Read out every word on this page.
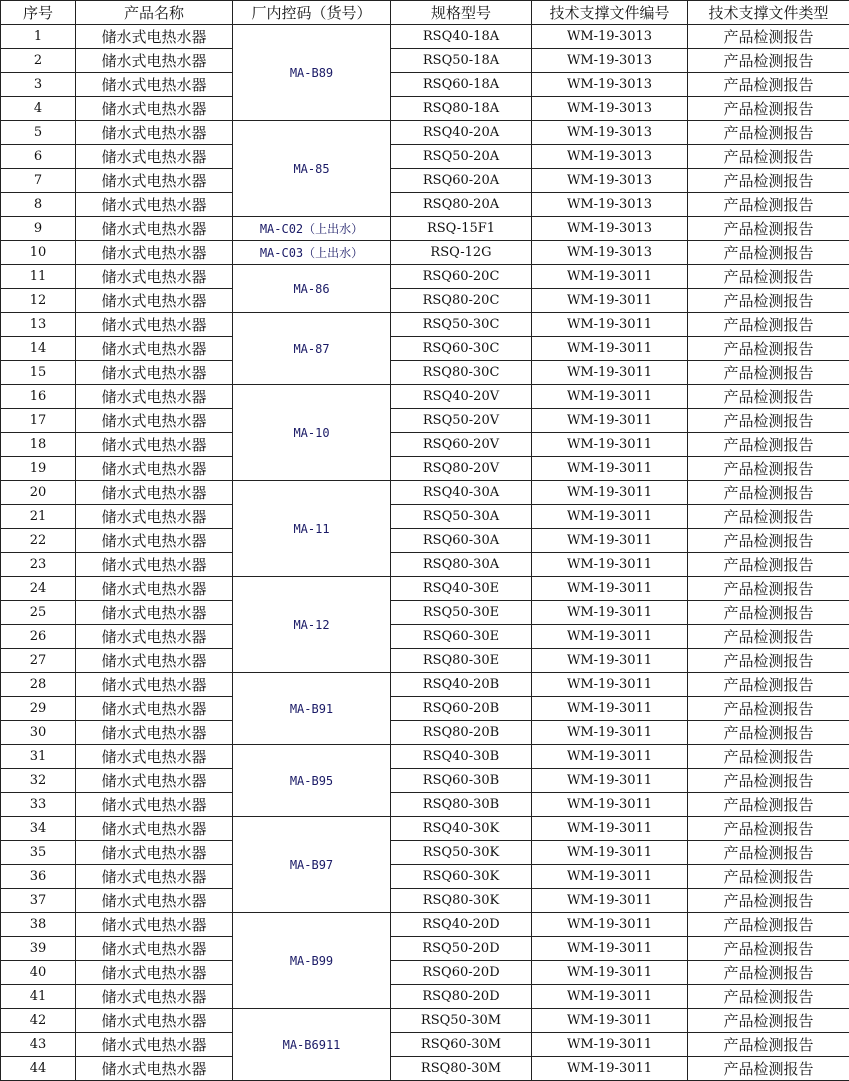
序号	产品名称	厂内控码（货号）	规格型号	技术支撑文件编号	技术支撑文件类型
1	储水式电热水器	MA-B89	RSQ40-18A	WM-19-3013	产品检测报告
2	储水式电热水器		RSQ50-18A	WM-19-3013	产品检测报告
3	储水式电热水器		RSQ60-18A	WM-19-3013	产品检测报告
4	储水式电热水器		RSQ80-18A	WM-19-3013	产品检测报告
5	储水式电热水器	MA-85	RSQ40-20A	WM-19-3013	产品检测报告
6	储水式电热水器		RSQ50-20A	WM-19-3013	产品检测报告
7	储水式电热水器		RSQ60-20A	WM-19-3013	产品检测报告
8	储水式电热水器		RSQ80-20A	WM-19-3013	产品检测报告
9	储水式电热水器	MA-C02（上出水）	RSQ-15F1	WM-19-3013	产品检测报告
10	储水式电热水器	MA-C03（上出水）	RSQ-12G	WM-19-3013	产品检测报告
11	储水式电热水器	MA-86	RSQ60-20C	WM-19-3011	产品检测报告
12	储水式电热水器		RSQ80-20C	WM-19-3011	产品检测报告
13	储水式电热水器	MA-87	RSQ50-30C	WM-19-3011	产品检测报告
14	储水式电热水器		RSQ60-30C	WM-19-3011	产品检测报告
15	储水式电热水器		RSQ80-30C	WM-19-3011	产品检测报告
16	储水式电热水器	MA-10	RSQ40-20V	WM-19-3011	产品检测报告
17	储水式电热水器		RSQ50-20V	WM-19-3011	产品检测报告
18	储水式电热水器		RSQ60-20V	WM-19-3011	产品检测报告
19	储水式电热水器		RSQ80-20V	WM-19-3011	产品检测报告
20	储水式电热水器	MA-11	RSQ40-30A	WM-19-3011	产品检测报告
21	储水式电热水器		RSQ50-30A	WM-19-3011	产品检测报告
22	储水式电热水器		RSQ60-30A	WM-19-3011	产品检测报告
23	储水式电热水器		RSQ80-30A	WM-19-3011	产品检测报告
24	储水式电热水器	MA-12	RSQ40-30E	WM-19-3011	产品检测报告
25	储水式电热水器		RSQ50-30E	WM-19-3011	产品检测报告
26	储水式电热水器		RSQ60-30E	WM-19-3011	产品检测报告
27	储水式电热水器		RSQ80-30E	WM-19-3011	产品检测报告
28	储水式电热水器	MA-B91	RSQ40-20B	WM-19-3011	产品检测报告
29	储水式电热水器		RSQ60-20B	WM-19-3011	产品检测报告
30	储水式电热水器		RSQ80-20B	WM-19-3011	产品检测报告
31	储水式电热水器	MA-B95	RSQ40-30B	WM-19-3011	产品检测报告
32	储水式电热水器		RSQ60-30B	WM-19-3011	产品检测报告
33	储水式电热水器		RSQ80-30B	WM-19-3011	产品检测报告
34	储水式电热水器	MA-B97	RSQ40-30K	WM-19-3011	产品检测报告
35	储水式电热水器		RSQ50-30K	WM-19-3011	产品检测报告
36	储水式电热水器		RSQ60-30K	WM-19-3011	产品检测报告
37	储水式电热水器		RSQ80-30K	WM-19-3011	产品检测报告
38	储水式电热水器	MA-B99	RSQ40-20D	WM-19-3011	产品检测报告
39	储水式电热水器		RSQ50-20D	WM-19-3011	产品检测报告
40	储水式电热水器		RSQ60-20D	WM-19-3011	产品检测报告
41	储水式电热水器		RSQ80-20D	WM-19-3011	产品检测报告
42	储水式电热水器	MA-B6911	RSQ50-30M	WM-19-3011	产品检测报告
43	储水式电热水器		RSQ60-30M	WM-19-3011	产品检测报告
44	储水式电热水器		RSQ80-30M	WM-19-3011	产品检测报告
